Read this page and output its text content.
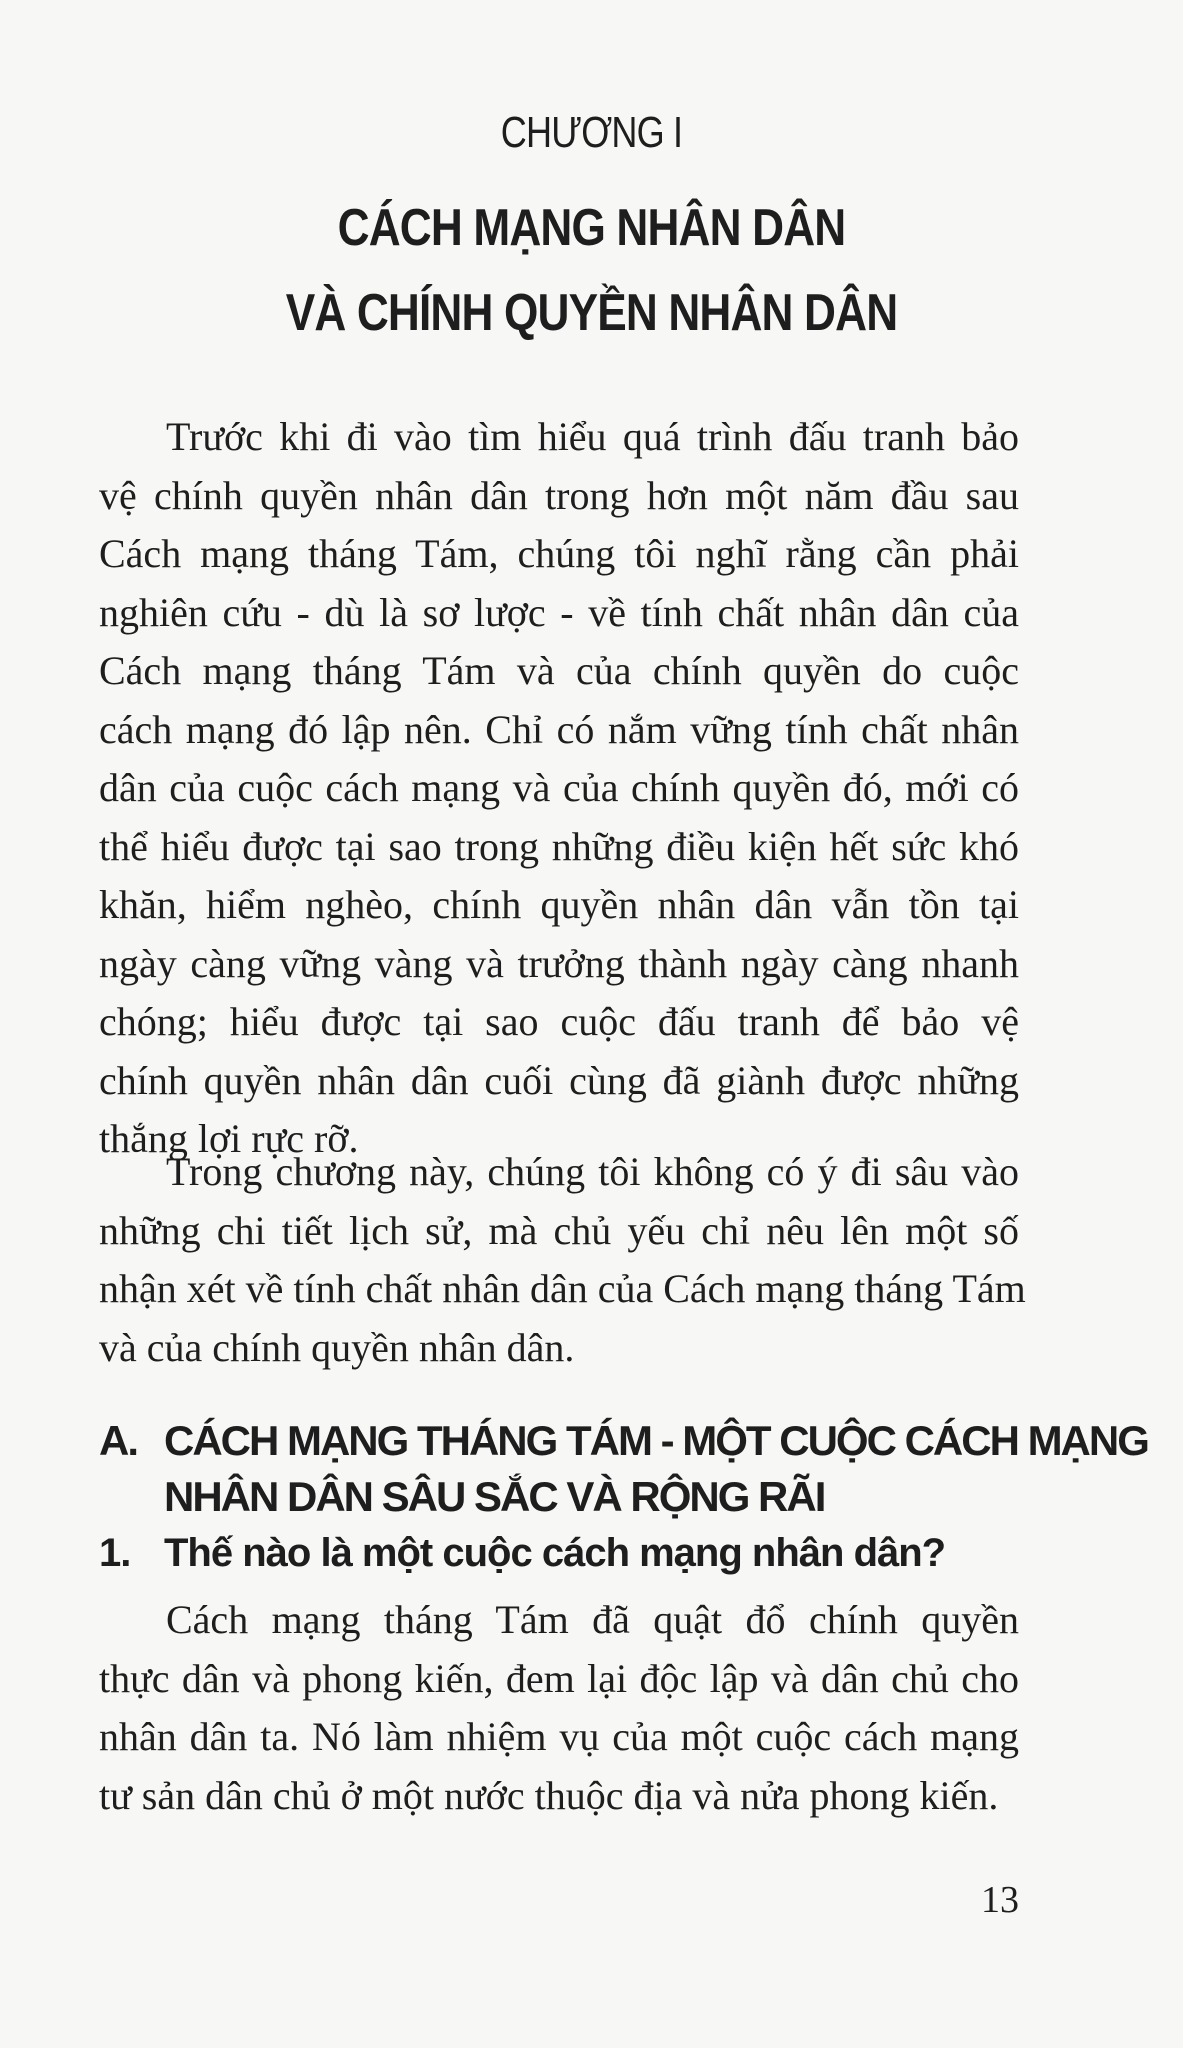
CHƯƠNG I
CÁCH MẠNG NHÂN DÂN
VÀ CHÍNH QUYỀN NHÂN DÂN
Trước khi đi vào tìm hiểu quá trình đấu tranh bảo
vệ chính quyền nhân dân trong hơn một năm đầu sau
Cách mạng tháng Tám, chúng tôi nghĩ rằng cần phải
nghiên cứu - dù là sơ lược - về tính chất nhân dân của
Cách mạng tháng Tám và của chính quyền do cuộc
cách mạng đó lập nên. Chỉ có nắm vững tính chất nhân
dân của cuộc cách mạng và của chính quyền đó, mới có
thể hiểu được tại sao trong những điều kiện hết sức khó
khăn, hiểm nghèo, chính quyền nhân dân vẫn tồn tại
ngày càng vững vàng và trưởng thành ngày càng nhanh
chóng; hiểu được tại sao cuộc đấu tranh để bảo vệ
chính quyền nhân dân cuối cùng đã giành được những
thắng lợi rực rỡ.
Trong chương này, chúng tôi không có ý đi sâu vào
những chi tiết lịch sử, mà chủ yếu chỉ nêu lên một số
nhận xét về tính chất nhân dân của Cách mạng tháng Tám
và của chính quyền nhân dân.
A. CÁCH MẠNG THÁNG TÁM - MỘT CUỘC CÁCH MẠNG
NHÂN DÂN SÂU SẮC VÀ RỘNG RÃI
1. Thế nào là một cuộc cách mạng nhân dân?
Cách mạng tháng Tám đã quật đổ chính quyền
thực dân và phong kiến, đem lại độc lập và dân chủ cho
nhân dân ta. Nó làm nhiệm vụ của một cuộc cách mạng
tư sản dân chủ ở một nước thuộc địa và nửa phong kiến.
13
